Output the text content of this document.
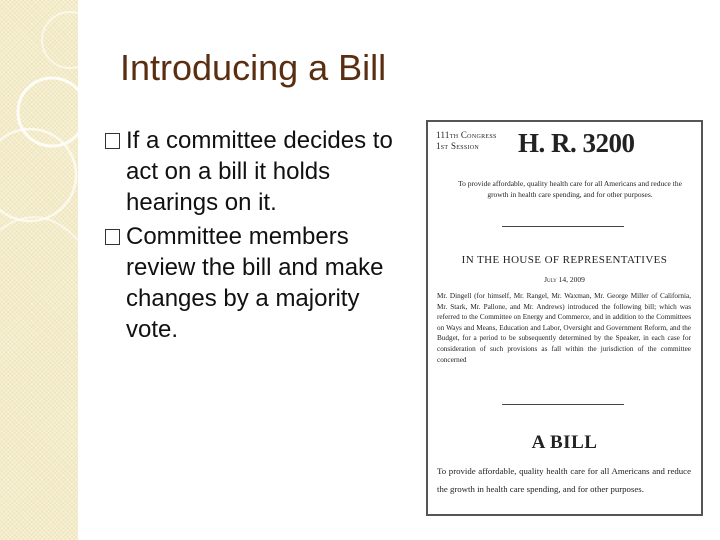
Introducing a Bill
If a committee decides to act on a bill it holds hearings on it.
Committee members review the bill and make changes by a majority vote.
111th Congress
1st Session	H. R. 3200
To provide affordable, quality health care for all Americans and reduce the growth in health care spending, and for other purposes.
IN THE HOUSE OF REPRESENTATIVES
July 14, 2009
Mr. Dingell (for himself, Mr. Rangel, Mr. Waxman, Mr. George Miller of California, Mr. Stark, Mr. Pallone, and Mr. Andrews) introduced the following bill; which was referred to the Committee on Energy and Commerce, and in addition to the Committees on Ways and Means, Education and Labor, Oversight and Government Reform, and the Budget, for a period to be subsequently determined by the Speaker, in each case for consideration of such provisions as fall within the jurisdiction of the committee concerned
A BILL
To provide affordable, quality health care for all Americans and reduce the growth in health care spending, and for other purposes.
